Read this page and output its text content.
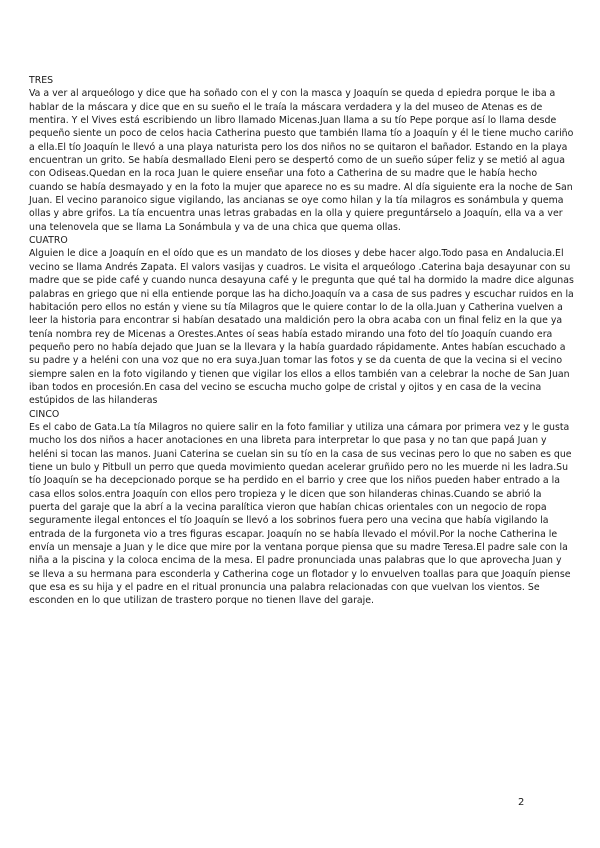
TRES

Va a ver al arqueólogo y dice que ha soñado con el y con la masca y Joaquín se queda d epiedra porque le iba a hablar de la máscara y dice que en su sueño el le traía la máscara verdadera y la del museo de Atenas es de mentira. Y el Vives está escribiendo un libro llamado Micenas.Juan llama a su tío Pepe porque así lo llama desde pequeño siente un poco de celos hacia Catherina puesto que también llama tío a Joaquín y él le tiene mucho cariño a ella.El tío Joaquín le llevó a una playa naturista pero los dos niños no se quitaron el bañador. Estando en la playa encuentran un grito. Se había desmallado Eleni pero se despertó como de un sueño súper feliz y se metió al agua con Odiseas.Quedan en la roca Juan le quiere enseñar una foto a Catherina de su madre que le había hecho cuando se había desmayado y en la foto la mujer que aparece no es su madre. Al día siguiente era la noche de San Juan. El vecino paranoico sigue vigilando, las ancianas se oye como hilan y la tía milagros es sonámbula y quema ollas y abre grifos. La tía encuentra unas letras grabadas en la olla y quiere preguntárselo a Joaquín, ella va a ver una telenovela que se llama La Sonámbula y va de una chica que quema ollas.

CUATRO

Alguien le dice a Joaquín en el oído que es un mandato de los dioses y debe hacer algo.Todo pasa en Andalucia.El vecino se llama Andrés Zapata. El valors vasijas y cuadros. Le visita el arqueólogo .Caterina baja desayunar con su madre que se pide café y cuando nunca desayuna café y le pregunta que qué tal ha dormido la madre dice algunas palabras en griego que ni ella entiende porque las ha dicho.Joaquín va a casa de sus padres y escuchar ruidos en la habitación pero ellos no están y viene su tía Milagros que le quiere contar lo de la olla.Juan y Catherina vuelven a leer la historia para encontrar si habían desatado una maldición pero la obra acaba con un final feliz en la que ya tenía nombra rey de Micenas a Orestes.Antes oí seas había estado mirando una foto del tío Joaquín cuando era pequeño pero no había dejado que Juan se la llevara y la había guardado rápidamente. Antes habían escuchado a su padre y a heléni con una voz que no era suya.Juan tomar las fotos y se da cuenta de que la vecina si el vecino siempre salen en la foto vigilando y tienen que vigilar los ellos a ellos también van a celebrar la noche de San Juan iban todos en procesión.En casa del vecino se escucha mucho golpe de cristal y ojitos y en casa de la vecina estúpidos de las hilanderas

CINCO

Es el cabo de Gata.La tía Milagros no quiere salir en la foto familiar y utiliza una cámara por primera vez y le gusta mucho los dos niños a hacer anotaciones en una libreta para interpretar lo que pasa y no tan que papá Juan y heléni si tocan las manos. Juani Caterina se cuelan sin su tío en la casa de sus vecinas pero lo que no saben es que tiene un bulo y Pitbull un perro que queda movimiento quedan acelerar gruñido pero no les muerde ni les ladra.Su tío Joaquín se ha decepcionado porque se ha perdido en el barrio y cree que los niños pueden haber entrado a la casa ellos solos.entra Joaquín con ellos pero tropieza y le dicen que son hilanderas chinas.Cuando se abrió la puerta del garaje que la abrí a la vecina paralítica vieron que habían chicas orientales con un negocio de ropa seguramente ilegal entonces el tío Joaquín se llevó a los sobrinos fuera pero una vecina que había vigilando la entrada de la furgoneta vio a tres figuras escapar. Joaquín no se había llevado el móvil.Por la noche Catherina le envía un mensaje a Juan y le dice que mire por la ventana porque piensa que su madre Teresa.El padre sale con la niña a la piscina y la coloca encima de la mesa. El padre pronunciada unas palabras que lo que aprovecha Juan y se lleva a su hermana para esconderla y Catherina coge un flotador y lo envuelven toallas para que Joaquín piense que esa es su hija y el padre en el ritual pronuncia una palabra relacionadas con que vuelvan los vientos. Se esconden en lo que utilizan de trastero porque no tienen llave del garaje.

2
